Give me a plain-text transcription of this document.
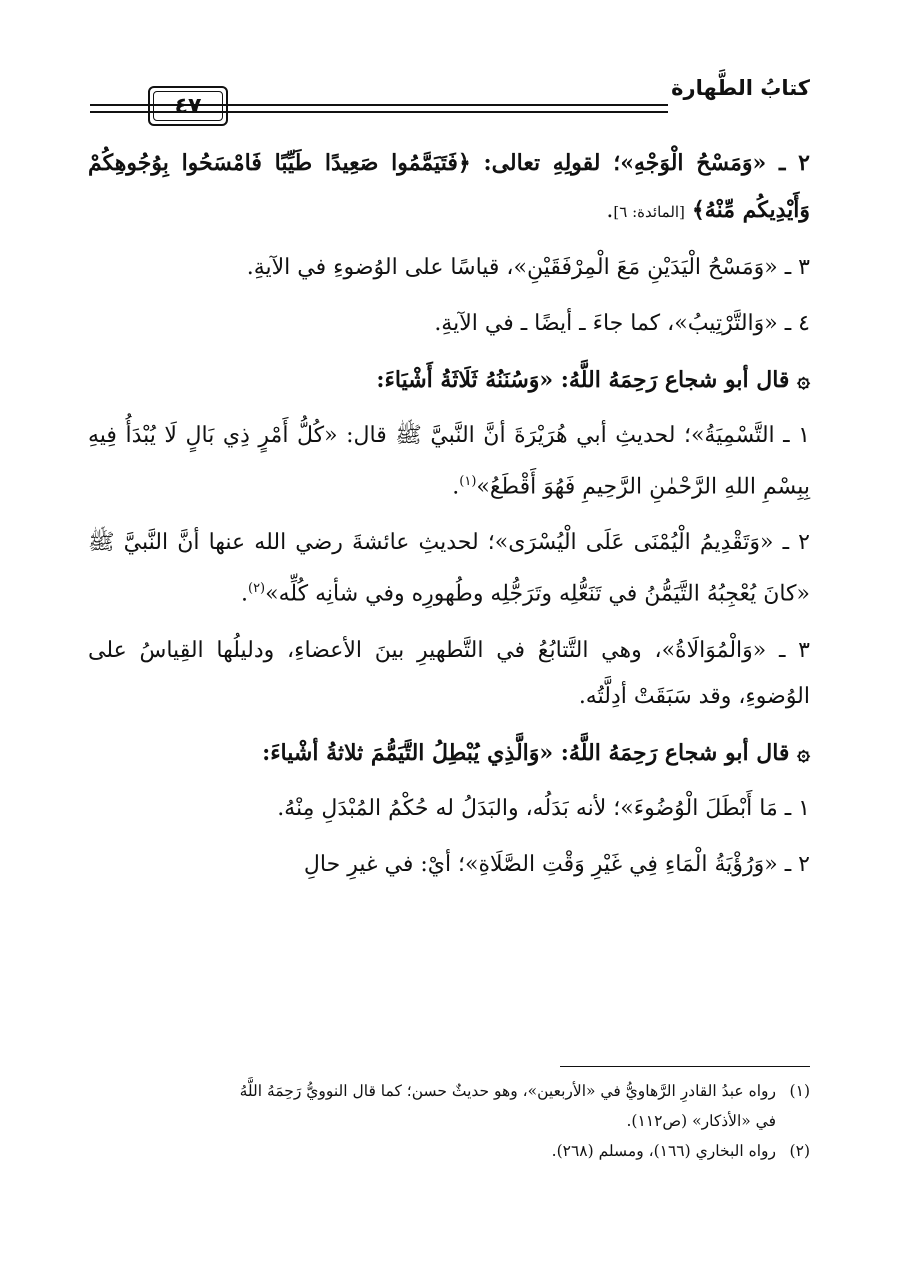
كتابُ الطَّهارة
٤٧

٢ ـ «وَمَسْحُ الْوَجْهِ»؛ لقولِهِ تعالى: ﴿فَتَيَمَّمُوا صَعِيدًا طَيِّبًا فَامْسَحُوا بِوُجُوهِكُمْ وَأَيْدِيكُم مِّنْهُ﴾ [المائدة: ٦].

٣ ـ «وَمَسْحُ الْيَدَيْنِ مَعَ الْمِرْفَقَيْنِ»، قياسًا على الوُضوءِ في الآيةِ.

٤ ـ «وَالتَّرْتِيبُ»، كما جاءَ ـ أيضًا ـ في الآيةِ.

۞ قال أبو شجاع رَحِمَهُ اللَّهُ: «وَسُنَنُهُ ثَلَاثَةُ أَشْيَاءَ:

١ ـ التَّسْمِيَةُ»؛ لحديثِ أبي هُرَيْرَةَ أنَّ النَّبيَّ ﷺ قال: «كُلُّ أَمْرٍ ذِي بَالٍ لَا يُبْدَأُ فِيهِ بِبِسْمِ اللهِ الرَّحْمٰنِ الرَّحِيمِ فَهُوَ أَقْطَعُ»$^{(١)}$.

٢ ـ «وَتَقْدِيمُ الْيُمْنَى عَلَى الْيُسْرَى»؛ لحديثِ عائشةَ رضي الله عنها أنَّ النَّبيَّ ﷺ «كانَ يُعْجِبُهُ التَّيَمُّنُ في تَنَعُّلِه وتَرَجُّلِه وطُهورِه وفي شأنِه كُلِّه»$^{(٢)}$.

٣ ـ «وَالْمُوَالَاةُ»، وهي التَّتابُعُ في التَّطهيرِ بينَ الأعضاءِ، ودليلُها القِياسُ على الوُضوءِ، وقد سَبَقَتْ أدِلَّتُه.

۞ قال أبو شجاع رَحِمَهُ اللَّهُ: «وَالَّذِي يُبْطِلُ التَّيَمُّمَ ثلاثةُ أشْياءَ:

١ ـ مَا أَبْطَلَ الْوُضُوءَ»؛ لأنه بَدَلُه، والبَدَلُ له حُكْمُ المُبْدَلِ مِنْهُ.

٢ ـ «وَرُؤْيَةُ الْمَاءِ فِي غَيْرِ وَقْتِ الصَّلَاةِ»؛ أيْ: في غيرِ حالِ

(١)رواه عبدُ القادرِ الرَّهاويُّ في «الأربعين»، وهو حديثٌ حسن؛ كما قال النوويُّ رَحِمَهُ اللَّهُ

في «الأذكار» (ص١١٢).

(٢)رواه البخاري (١٦٦)، ومسلم (٢٦٨).
